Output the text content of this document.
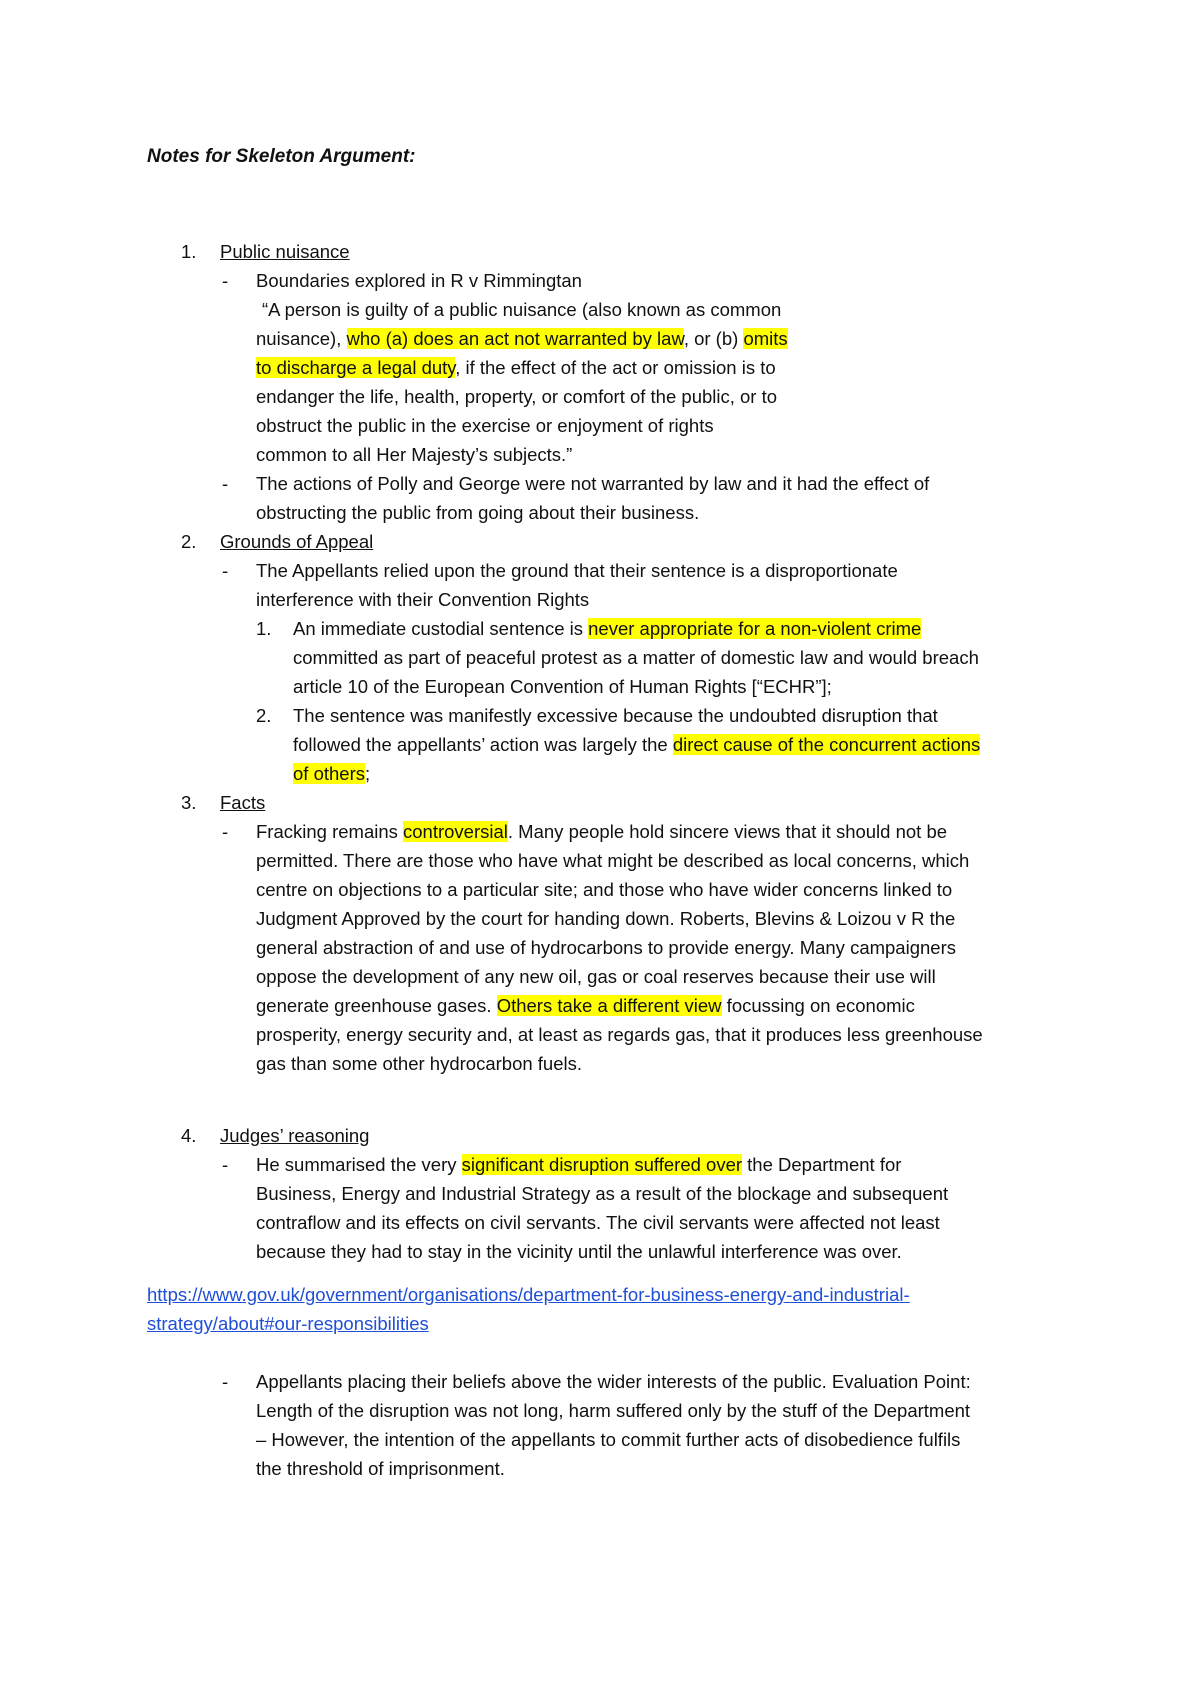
Notes for Skeleton Argument:
1. Public nuisance
- Boundaries explored in R v Rimmingtan
“A person is guilty of a public nuisance (also known as common
nuisance), who (a) does an act not warranted by law, or (b) omits
to discharge a legal duty, if the effect of the act or omission is to
endanger the life, health, property, or comfort of the public, or to
obstruct the public in the exercise or enjoyment of rights
common to all Her Majesty’s subjects.”
- The actions of Polly and George were not warranted by law and it had the effect of
obstructing the public from going about their business.
2. Grounds of Appeal
- The Appellants relied upon the ground that their sentence is a disproportionate
interference with their Convention Rights
1. An immediate custodial sentence is never appropriate for a non-violent crime
committed as part of peaceful protest as a matter of domestic law and would breach
article 10 of the European Convention of Human Rights [“ECHR”];
2. The sentence was manifestly excessive because the undoubted disruption that
followed the appellants’ action was largely the direct cause of the concurrent actions
of others;
3. Facts
- Fracking remains controversial. Many people hold sincere views that it should not be
permitted. There are those who have what might be described as local concerns, which
centre on objections to a particular site; and those who have wider concerns linked to
Judgment Approved by the court for handing down. Roberts, Blevins & Loizou v R the
general abstraction of and use of hydrocarbons to provide energy. Many campaigners
oppose the development of any new oil, gas or coal reserves because their use will
generate greenhouse gases. Others take a different view focussing on economic
prosperity, energy security and, at least as regards gas, that it produces less greenhouse
gas than some other hydrocarbon fuels.
4. Judges’ reasoning
- He summarised the very significant disruption suffered over the Department for
Business, Energy and Industrial Strategy as a result of the blockage and subsequent
contraflow and its effects on civil servants. The civil servants were affected not least
because they had to stay in the vicinity until the unlawful interference was over.
https://www.gov.uk/government/organisations/department-for-business-energy-and-industrial-
strategy/about#our-responsibilities
- Appellants placing their beliefs above the wider interests of the public. Evaluation Point:
Length of the disruption was not long, harm suffered only by the stuff of the Department
– However, the intention of the appellants to commit further acts of disobedience fulfils
the threshold of imprisonment.
